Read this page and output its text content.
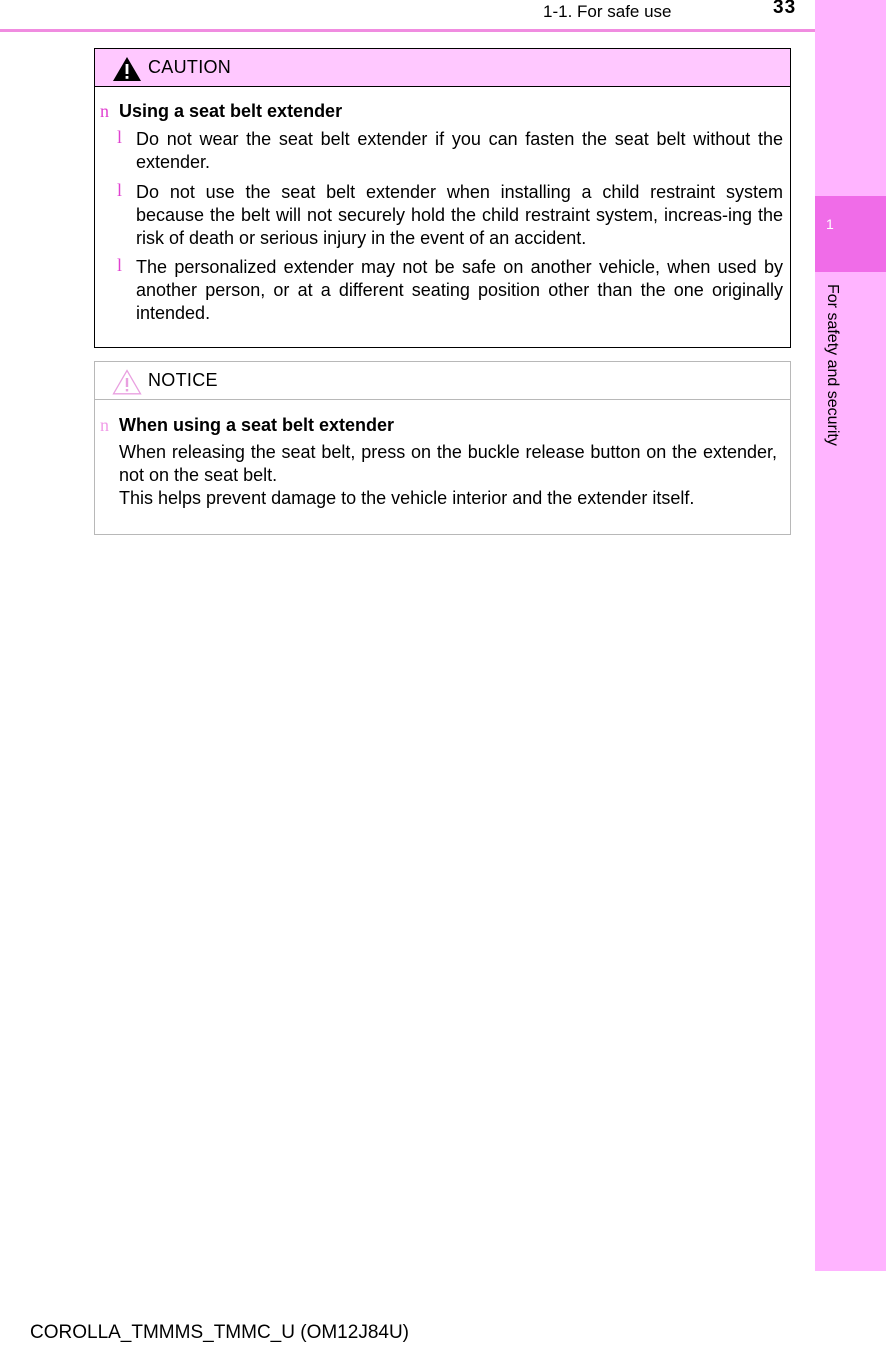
1-1. For safe use	33
1
For safety and security
CAUTION
n Using a seat belt extender
l Do not wear the seat belt extender if you can fasten the seat belt without the extender.
l Do not use the seat belt extender when installing a child restraint system because the belt will not securely hold the child restraint system, increas-ing the risk of death or serious injury in the event of an accident.
l The personalized extender may not be safe on another vehicle, when used by another person, or at a different seating position other than the one originally intended.
NOTICE
n When using a seat belt extender
When releasing the seat belt, press on the buckle release button on the extender, not on the seat belt.
This helps prevent damage to the vehicle interior and the extender itself.
COROLLA_TMMMS_TMMC_U (OM12J84U)
